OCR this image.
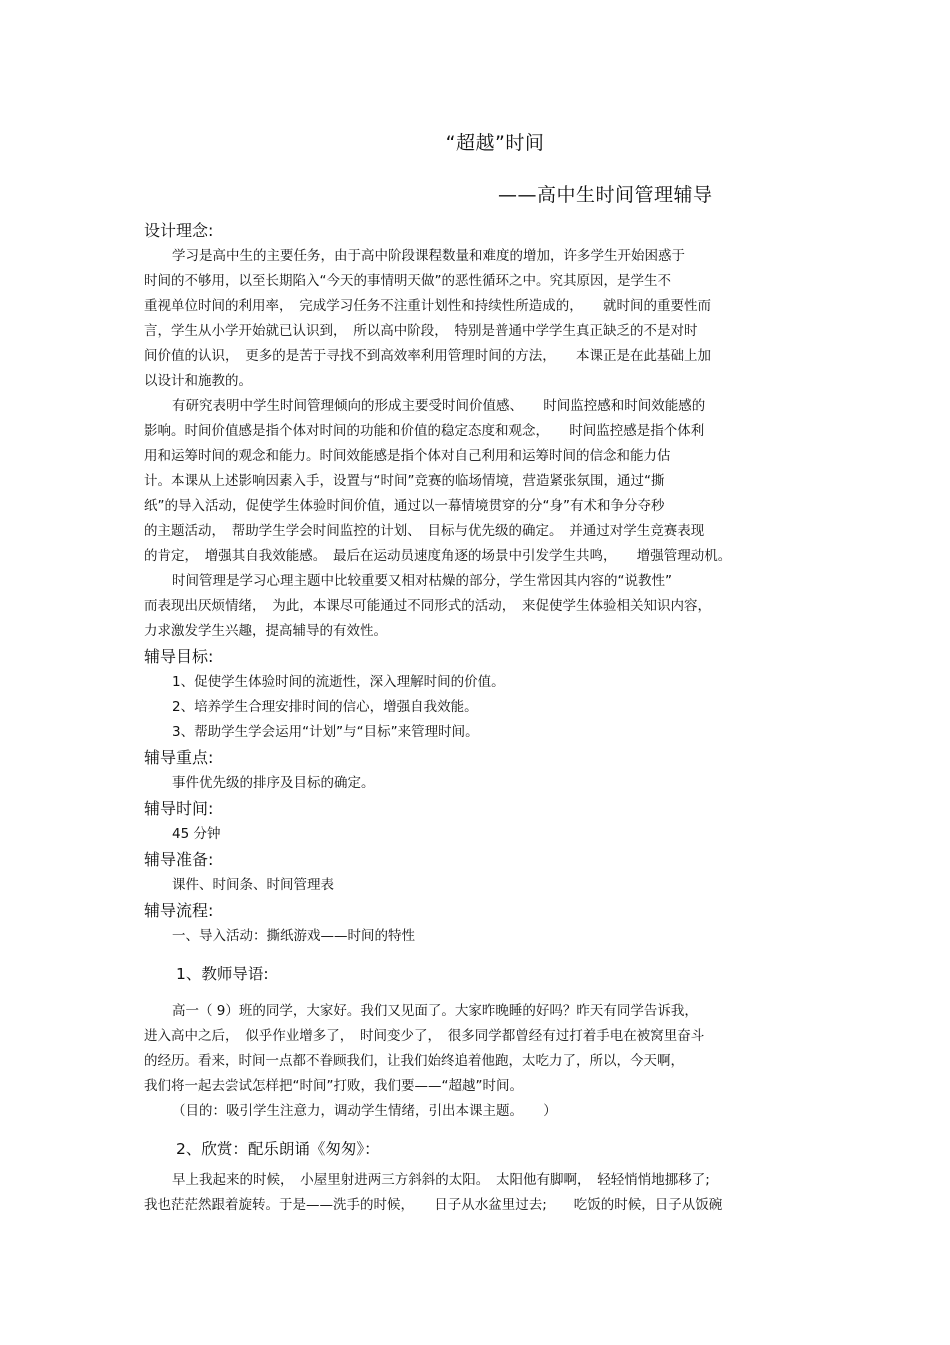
“超越”时间
——高中生时间管理辅导

设计理念:

学习是高中生的主要任务，由于高中阶段课程数量和难度的增加，许多学生开始困惑于

时间的不够用，以至长期陷入“今天的事情明天做”的恶性循环之中。究其原因，是学生不

重视单位时间的利用率，　完成学习任务不注重计划性和持续性所造成的，　　就时间的重要性而

言，学生从小学开始就已认识到，　所以高中阶段，　特别是普通中学学生真正缺乏的不是对时

间价值的认识，　更多的是苦于寻找不到高效率利用管理时间的方法，　　本课正是在此基础上加

以设计和施教的。

有研究表明中学生时间管理倾向的形成主要受时间价值感、　　时间监控感和时间效能感的

影响。时间价值感是指个体对时间的功能和价值的稳定态度和观念，　　时间监控感是指个体利

用和运筹时间的观念和能力。时间效能感是指个体对自己利用和运筹时间的信念和能力估

计。本课从上述影响因素入手，设置与“时间”竞赛的临场情境，营造紧张氛围，通过“撕

纸”的导入活动，促使学生体验时间价值，通过以一幕情境贯穿的分“身”有术和争分夺秒

的主题活动，　帮助学生学会时间监控的计划、　目标与优先级的确定。　并通过对学生竞赛表现

的肯定，　增强其自我效能感。　最后在运动员速度角逐的场景中引发学生共鸣，　　增强管理动机。

时间管理是学习心理主题中比较重要又相对枯燥的部分，学生常因其内容的“说教性”

而表现出厌烦情绪，　为此，本课尽可能通过不同形式的活动，　来促使学生体验相关知识内容，

力求激发学生兴趣，提高辅导的有效性。

辅导目标:

1、促使学生体验时间的流逝性，深入理解时间的价值。

2、培养学生合理安排时间的信心，增强自我效能。

3、帮助学生学会运用“计划”与“目标”来管理时间。

辅导重点:

事件优先级的排序及目标的确定。

辅导时间:

45 分钟

辅导准备:

课件、时间条、时间管理表

辅导流程:

一、导入活动：撕纸游戏——时间的特性

1、教师导语:

高一（ 9）班的同学，大家好。我们又见面了。大家昨晚睡的好吗？昨天有同学告诉我，

进入高中之后，　似乎作业增多了，　时间变少了，　很多同学都曾经有过打着手电在被窝里奋斗

的经历。看来，时间一点都不眷顾我们，让我们始终追着他跑，太吃力了，所以，今天啊，

我们将一起去尝试怎样把“时间”打败，我们要——“超越”时间。

（目的：吸引学生注意力，调动学生情绪，引出本课主题。　　）

2、欣赏：配乐朗诵《匆匆》：

早上我起来的时候，　小屋里射进两三方斜斜的太阳。　太阳他有脚啊，　轻轻悄悄地挪移了;

我也茫茫然跟着旋转。于是——洗手的时候，　　日子从水盆里过去;　　吃饭的时候，日子从饭碗
